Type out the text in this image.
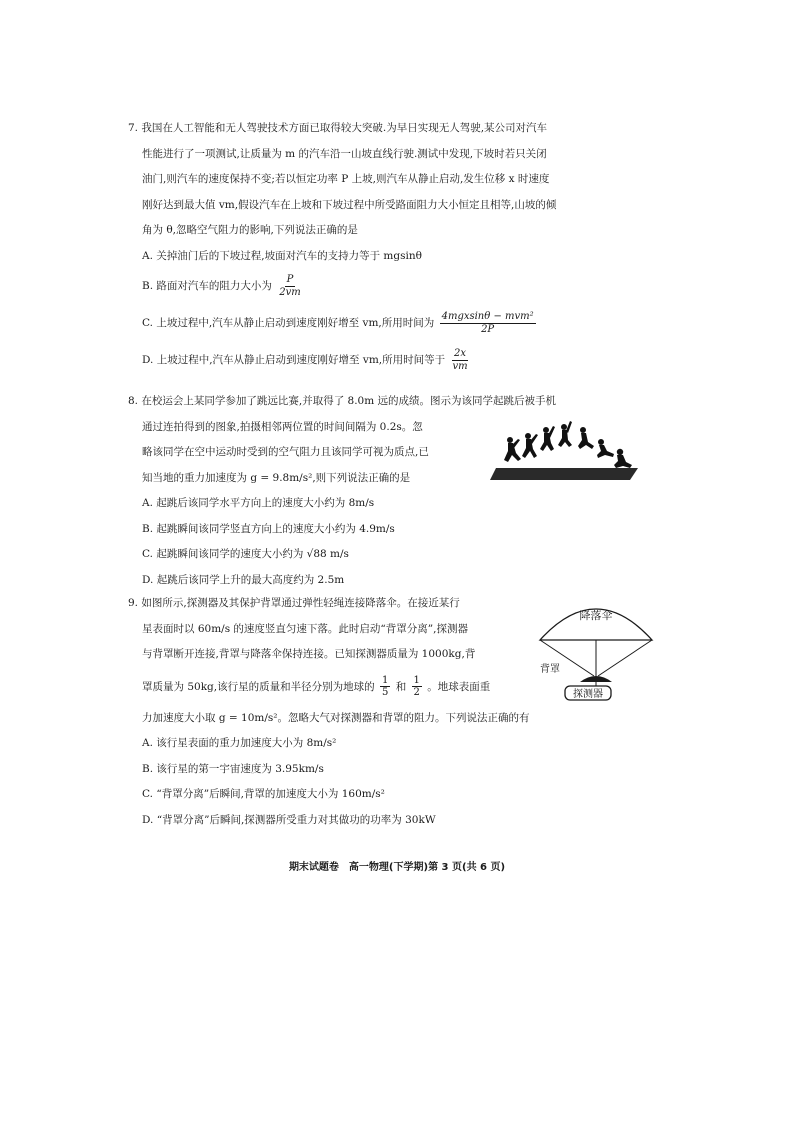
7. 我国在人工智能和无人驾驶技术方面已取得较大突破.为早日实现无人驾驶,某公司对汽车

性能进行了一项测试,让质量为 m 的汽车沿一山坡直线行驶.测试中发现,下坡时若只关闭

油门,则汽车的速度保持不变;若以恒定功率 P 上坡,则汽车从静止启动,发生位移 x 时速度

刚好达到最大值 vm,假设汽车在上坡和下坡过程中所受路面阻力大小恒定且相等,山坡的倾

角为 θ,忽略空气阻力的影响,下列说法正确的是

A. 关掉油门后的下坡过程,坡面对汽车的支持力等于 mgsinθ

B. 路面对汽车的阻力大小为 $\frac{P}{2vm}$

C. 上坡过程中,汽车从静止启动到速度刚好增至 vm,所用时间为 $\frac{\text{4mgxsinθ − mvm²}}{2P}$

D. 上坡过程中,汽车从静止启动到速度刚好增至 vm,所用时间等于 $\frac{2x}{vm}$

8. 在校运会上某同学参加了跳远比赛,并取得了 8.0m 远的成绩。图示为该同学起跳后被手机

通过连拍得到的图象,拍摄相邻两位置的时间间隔为 0.2s。忽

略该同学在空中运动时受到的空气阻力且该同学可视为质点,已

知当地的重力加速度为 g = 9.8m/s²,则下列说法正确的是

A. 起跳后该同学水平方向上的速度大小约为 8m/s

B. 起跳瞬间该同学竖直方向上的速度大小约为 4.9m/s

C. 起跳瞬间该同学的速度大小约为 √88 m/s

D. 起跳后该同学上升的最大高度约为 2.5m

9. 如图所示,探测器及其保护背罩通过弹性轻绳连接降落伞。在接近某行

星表面时以 60m/s 的速度竖直匀速下落。此时启动“背罩分离”,探测器

与背罩断开连接,背罩与降落伞保持连接。已知探测器质量为 1000kg,背

罩质量为 50kg,该行星的质量和半径分别为地球的 $\frac{1}{5}$ 和 $\frac{1}{2}$ 。地球表面重

力加速度大小取 g = 10m/s²。忽略大气对探测器和背罩的阻力。下列说法正确的有

A. 该行星表面的重力加速度大小为 8m/s²

B. 该行星的第一宇宙速度为 3.95km/s

C. “背罩分离”后瞬间,背罩的加速度大小为 160m/s²

D. “背罩分离”后瞬间,探测器所受重力对其做功的功率为 30kW

降落伞
背罩
探测器
期末试题卷　高一物理(下学期)第 3 页(共 6 页)
